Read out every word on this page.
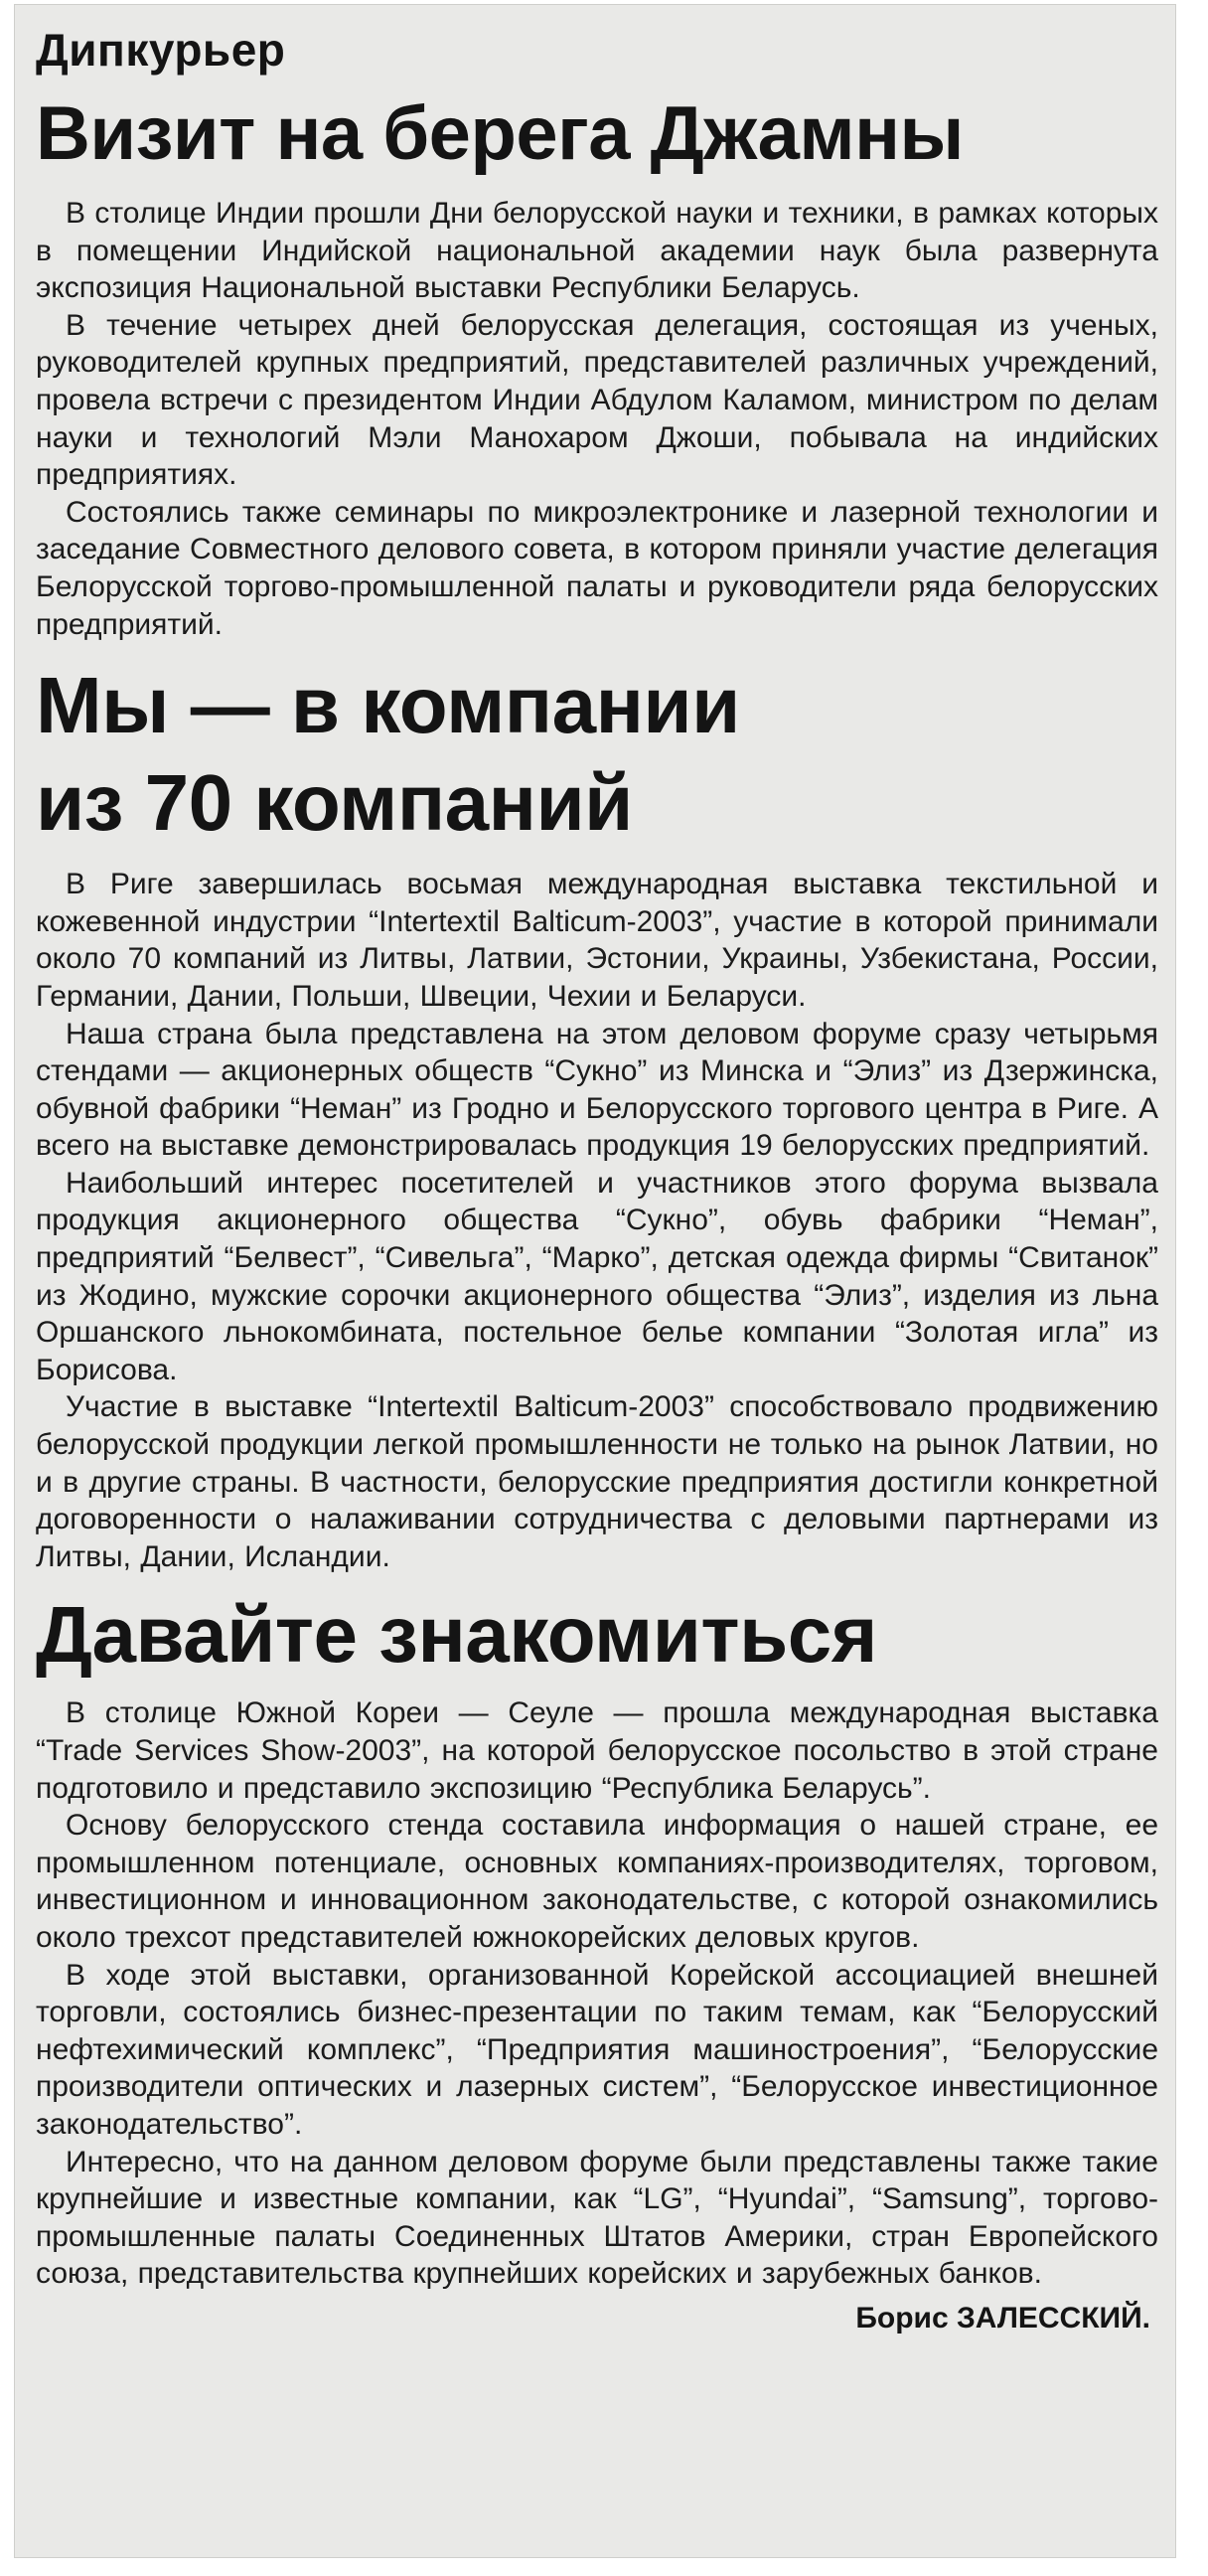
Дипкурьер
Визит на берега Джамны

В столице Индии прошли Дни белорусской науки и техники, в рамках которых в помещении Индийской национальной академии наук была развернута экспозиция Национальной выставки Республики Беларусь.

В течение четырех дней белорусская делегация, состоящая из ученых, руководителей крупных предприятий, представителей различных учреждений, провела встречи с президентом Индии Абдулом Каламом, министром по делам науки и технологий Мэли Манохаром Джоши, побывала на индийских предприятиях.

Состоялись также семинары по микроэлектронике и лазерной технологии и заседание Совместного делового совета, в котором приняли участие делегация Белорусской торгово-промышленной палаты и руководители ряда белорусских предприятий.

Мы — в компании
из 70 компаний

В Риге завершилась восьмая международная выставка текстильной и кожевенной индустрии “Intertextil Balticum-2003”, участие в которой принимали около 70 компаний из Литвы, Латвии, Эстонии, Украины, Узбекистана, России, Германии, Дании, Польши, Швеции, Чехии и Беларуси.

Наша страна была представлена на этом деловом форуме сразу четырьмя стендами — акционерных обществ “Сукно” из Минска и “Элиз” из Дзержинска, обувной фабрики “Неман” из Гродно и Белорусского торгового центра в Риге. А всего на выставке демонстрировалась продукция 19 белорусских предприятий.

Наибольший интерес посетителей и участников этого форума вызвала продукция акционерного общества “Сукно”, обувь фабрики “Неман”, предприятий “Белвест”, “Сивельга”, “Марко”, детская одежда фирмы “Свитанок” из Жодино, мужские сорочки акционерного общества “Элиз”, изделия из льна Оршанского льнокомбината, постельное белье компании “Золотая игла” из Борисова.

Участие в выставке “Intertextil Balticum-2003” способствовало продвижению белорусской продукции легкой промышленности не только на рынок Латвии, но и в другие страны. В частности, белорусские предприятия достигли конкретной договоренности о налаживании сотрудничества с деловыми партнерами из Литвы, Дании, Исландии.

Давайте знакомиться

В столице Южной Кореи — Сеуле — прошла международная выставка “Trade Services Show-2003”, на которой белорусское посольство в этой стране подготовило и представило экспозицию “Республика Беларусь”.

Основу белорусского стенда составила информация о нашей стране, ее промышленном потенциале, основных компаниях-производителях, торговом, инвестиционном и инновационном законодательстве, с которой ознакомились около трехсот представителей южнокорейских деловых кругов.

В ходе этой выставки, организованной Корейской ассоциацией внешней торговли, состоялись бизнес-презентации по таким темам, как “Белорусский нефтехимический комплекс”, “Предприятия машиностроения”, “Белорусские производители оптических и лазерных систем”, “Белорусское инвестиционное законодательство”.

Интересно, что на данном деловом форуме были представлены также такие крупнейшие и известные компании, как “LG”, “Hyundai”, “Samsung”, торгово-промышленные палаты Соединенных Штатов Америки, стран Европейского союза, представительства крупнейших корейских и зарубежных банков.

Борис ЗАЛЕССКИЙ.
